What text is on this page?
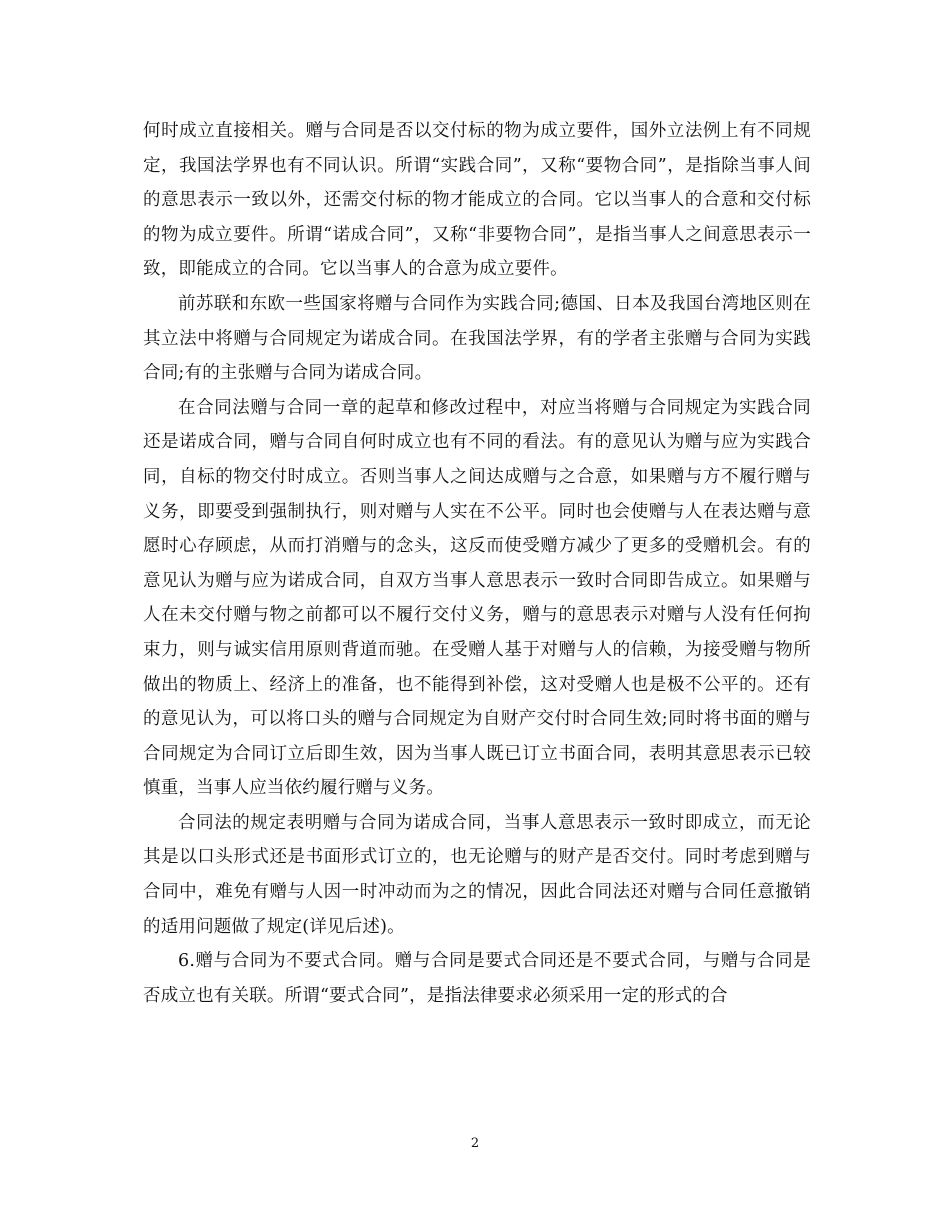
何时成立直接相关。赠与合同是否以交付标的物为成立要件，国外立法例上有不同规定，我国法学界也有不同认识。所谓“实践合同”，又称“要物合同”，是指除当事人间的意思表示一致以外，还需交付标的物才能成立的合同。它以当事人的合意和交付标的物为成立要件。所谓“诺成合同”，又称“非要物合同”，是指当事人之间意思表示一致，即能成立的合同。它以当事人的合意为成立要件。

前苏联和东欧一些国家将赠与合同作为实践合同;德国、日本及我国台湾地区则在其立法中将赠与合同规定为诺成合同。在我国法学界，有的学者主张赠与合同为实践合同;有的主张赠与合同为诺成合同。

在合同法赠与合同一章的起草和修改过程中，对应当将赠与合同规定为实践合同还是诺成合同，赠与合同自何时成立也有不同的看法。有的意见认为赠与应为实践合同，自标的物交付时成立。否则当事人之间达成赠与之合意，如果赠与方不履行赠与义务，即要受到强制执行，则对赠与人实在不公平。同时也会使赠与人在表达赠与意愿时心存顾虑，从而打消赠与的念头，这反而使受赠方减少了更多的受赠机会。有的意见认为赠与应为诺成合同，自双方当事人意思表示一致时合同即告成立。如果赠与人在未交付赠与物之前都可以不履行交付义务，赠与的意思表示对赠与人没有任何拘束力，则与诚实信用原则背道而驰。在受赠人基于对赠与人的信赖，为接受赠与物所做出的物质上、经济上的准备，也不能得到补偿，这对受赠人也是极不公平的。还有的意见认为，可以将口头的赠与合同规定为自财产交付时合同生效;同时将书面的赠与合同规定为合同订立后即生效，因为当事人既已订立书面合同，表明其意思表示已较慎重，当事人应当依约履行赠与义务。

合同法的规定表明赠与合同为诺成合同，当事人意思表示一致时即成立，而无论其是以口头形式还是书面形式订立的，也无论赠与的财产是否交付。同时考虑到赠与合同中，难免有赠与人因一时冲动而为之的情况，因此合同法还对赠与合同任意撤销的适用问题做了规定(详见后述)。

6.赠与合同为不要式合同。赠与合同是要式合同还是不要式合同，与赠与合同是否成立也有关联。所谓“要式合同”，是指法律要求必须采用一定的形式的合

2
